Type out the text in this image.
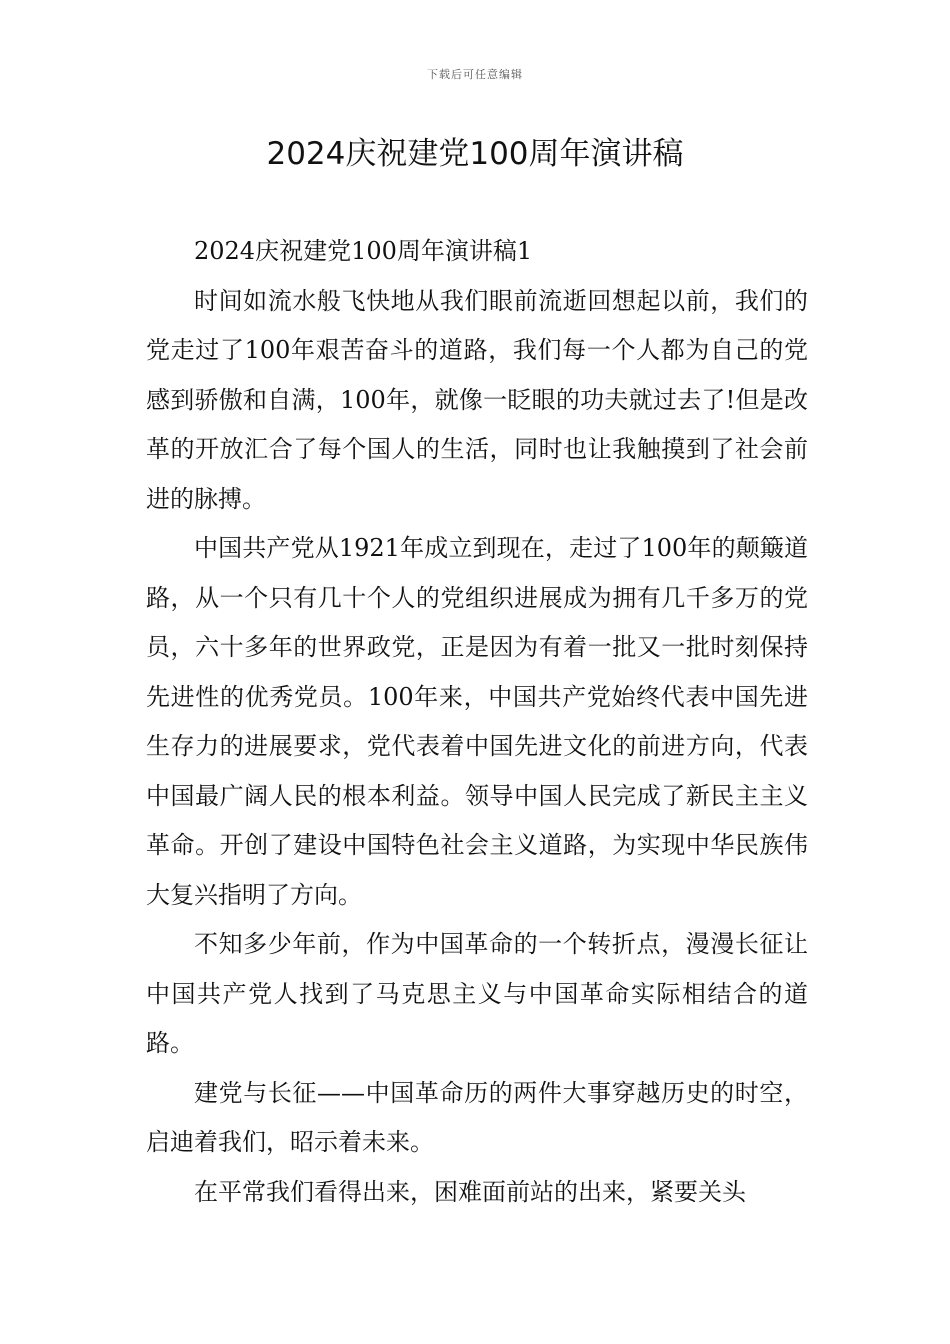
下载后可任意编辑
2024庆祝建党100周年演讲稿

2024庆祝建党100周年演讲稿1

时间如流水般飞快地从我们眼前流逝回想起以前，我们的党走过了100年艰苦奋斗的道路，我们每一个人都为自己的党感到骄傲和自满，100年，就像一眨眼的功夫就过去了!但是改革的开放汇合了每个国人的生活，同时也让我触摸到了社会前进的脉搏。

中国共产党从1921年成立到现在，走过了100年的颠簸道路，从一个只有几十个人的党组织进展成为拥有几千多万的党员，六十多年的世界政党，正是因为有着一批又一批时刻保持先进性的优秀党员。100年来，中国共产党始终代表中国先进生存力的进展要求，党代表着中国先进文化的前进方向，代表中国最广阔人民的根本利益。领导中国人民完成了新民主主义革命。开创了建设中国特色社会主义道路，为实现中华民族伟大复兴指明了方向。

不知多少年前，作为中国革命的一个转折点，漫漫长征让中国共产党人找到了马克思主义与中国革命实际相结合的道路。

建党与长征——中国革命历的两件大事穿越历史的时空，启迪着我们，昭示着未来。

在平常我们看得出来，困难面前站的出来，紧要关头
